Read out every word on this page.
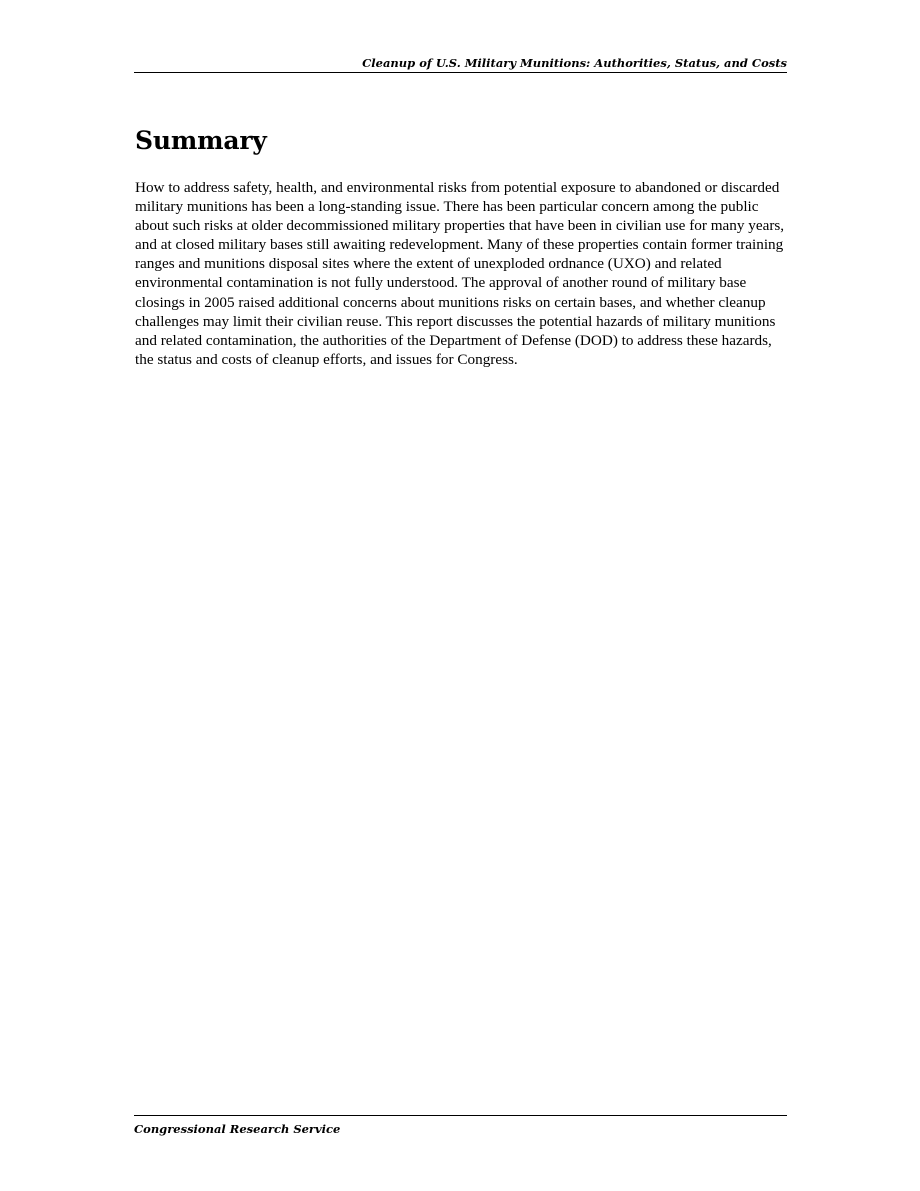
Cleanup of U.S. Military Munitions: Authorities, Status, and Costs
Summary

How to address safety, health, and environmental risks from potential exposure to abandoned or discarded military munitions has been a long-standing issue. There has been particular concern among the public about such risks at older decommissioned military properties that have been in civilian use for many years, and at closed military bases still awaiting redevelopment. Many of these properties contain former training ranges and munitions disposal sites where the extent of unexploded ordnance (UXO) and related environmental contamination is not fully understood. The approval of another round of military base closings in 2005 raised additional concerns about munitions risks on certain bases, and whether cleanup challenges may limit their civilian reuse. This report discusses the potential hazards of military munitions and related contamination, the authorities of the Department of Defense (DOD) to address these hazards, the status and costs of cleanup efforts, and issues for Congress.

Congressional Research Service
